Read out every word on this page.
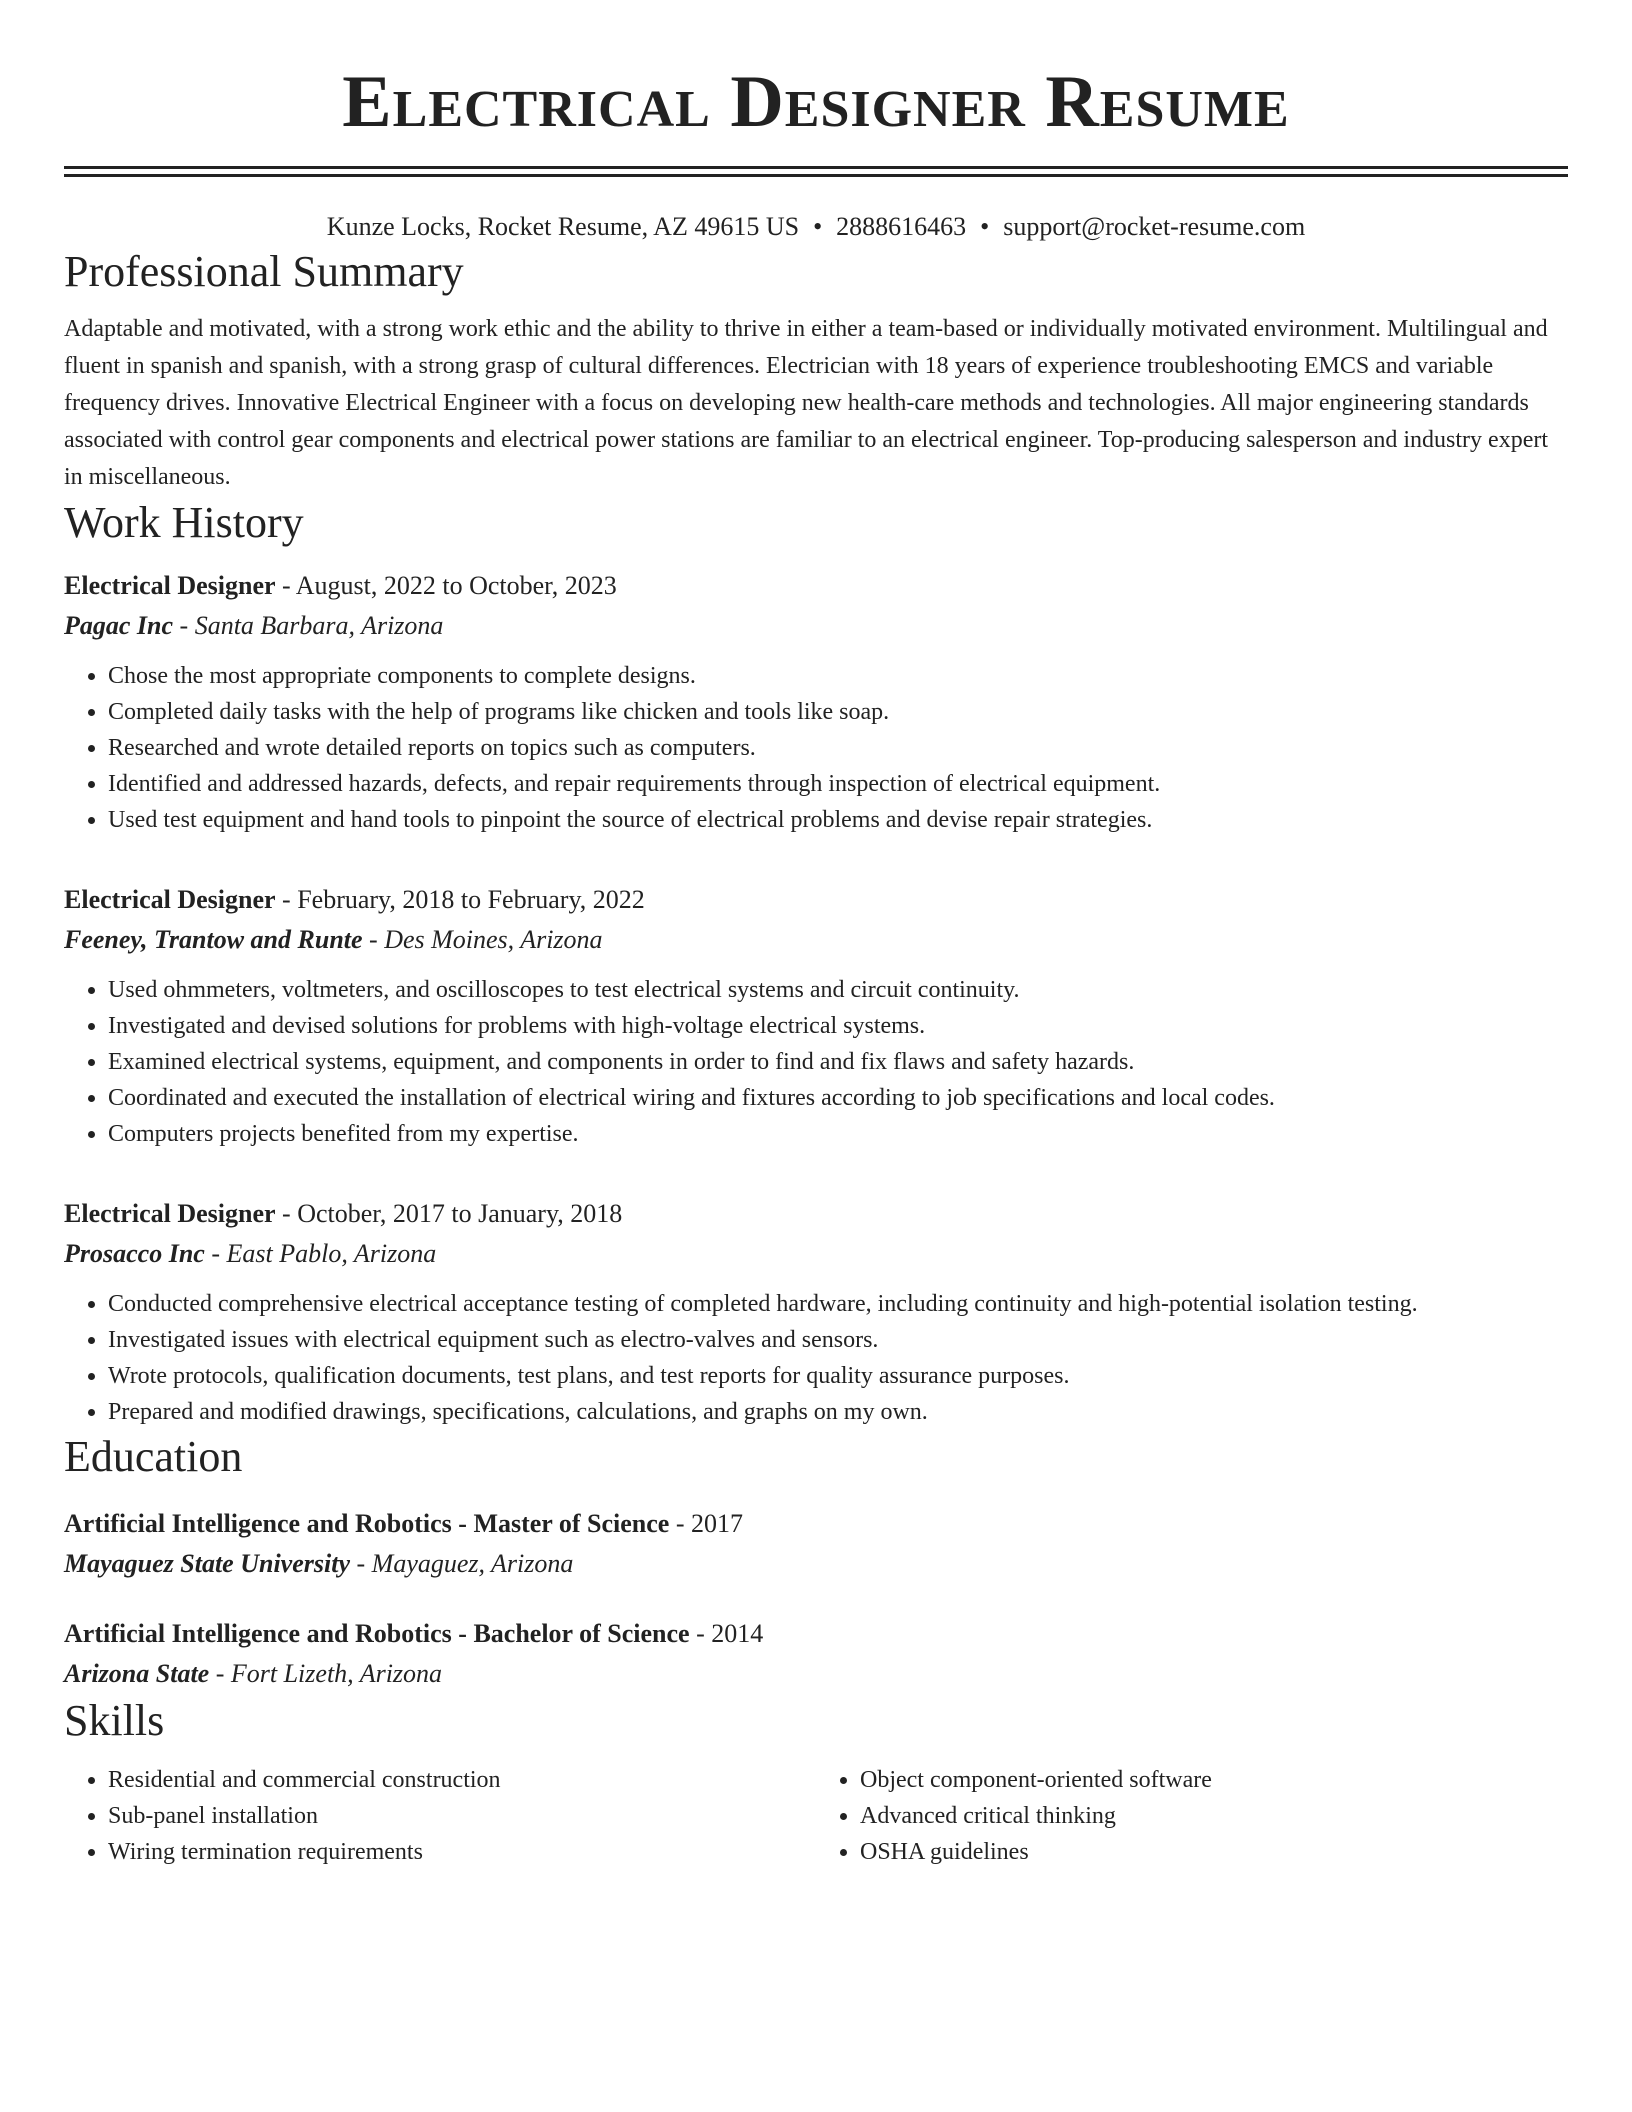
Electrical Designer Resume
Kunze Locks, Rocket Resume, AZ 49615 US • 2888616463 • support@rocket-resume.com
Professional Summary
Adaptable and motivated, with a strong work ethic and the ability to thrive in either a team-based or individually motivated environment. Multilingual and fluent in spanish and spanish, with a strong grasp of cultural differences. Electrician with 18 years of experience troubleshooting EMCS and variable frequency drives. Innovative Electrical Engineer with a focus on developing new health-care methods and technologies. All major engineering standards associated with control gear components and electrical power stations are familiar to an electrical engineer. Top-producing salesperson and industry expert in miscellaneous.
Work History
Electrical Designer - August, 2022 to October, 2023
Pagac Inc - Santa Barbara, Arizona
• Chose the most appropriate components to complete designs.
• Completed daily tasks with the help of programs like chicken and tools like soap.
• Researched and wrote detailed reports on topics such as computers.
• Identified and addressed hazards, defects, and repair requirements through inspection of electrical equipment.
• Used test equipment and hand tools to pinpoint the source of electrical problems and devise repair strategies.
Electrical Designer - February, 2018 to February, 2022
Feeney, Trantow and Runte - Des Moines, Arizona
• Used ohmmeters, voltmeters, and oscilloscopes to test electrical systems and circuit continuity.
• Investigated and devised solutions for problems with high-voltage electrical systems.
• Examined electrical systems, equipment, and components in order to find and fix flaws and safety hazards.
• Coordinated and executed the installation of electrical wiring and fixtures according to job specifications and local codes.
• Computers projects benefited from my expertise.
Electrical Designer - October, 2017 to January, 2018
Prosacco Inc - East Pablo, Arizona
• Conducted comprehensive electrical acceptance testing of completed hardware, including continuity and high-potential isolation testing.
• Investigated issues with electrical equipment such as electro-valves and sensors.
• Wrote protocols, qualification documents, test plans, and test reports for quality assurance purposes.
• Prepared and modified drawings, specifications, calculations, and graphs on my own.
Education
Artificial Intelligence and Robotics - Master of Science - 2017
Mayaguez State University - Mayaguez, Arizona
Artificial Intelligence and Robotics - Bachelor of Science - 2014
Arizona State - Fort Lizeth, Arizona
Skills
• Residential and commercial construction
• Sub-panel installation
• Wiring termination requirements
• Object component-oriented software
• Advanced critical thinking
• OSHA guidelines
